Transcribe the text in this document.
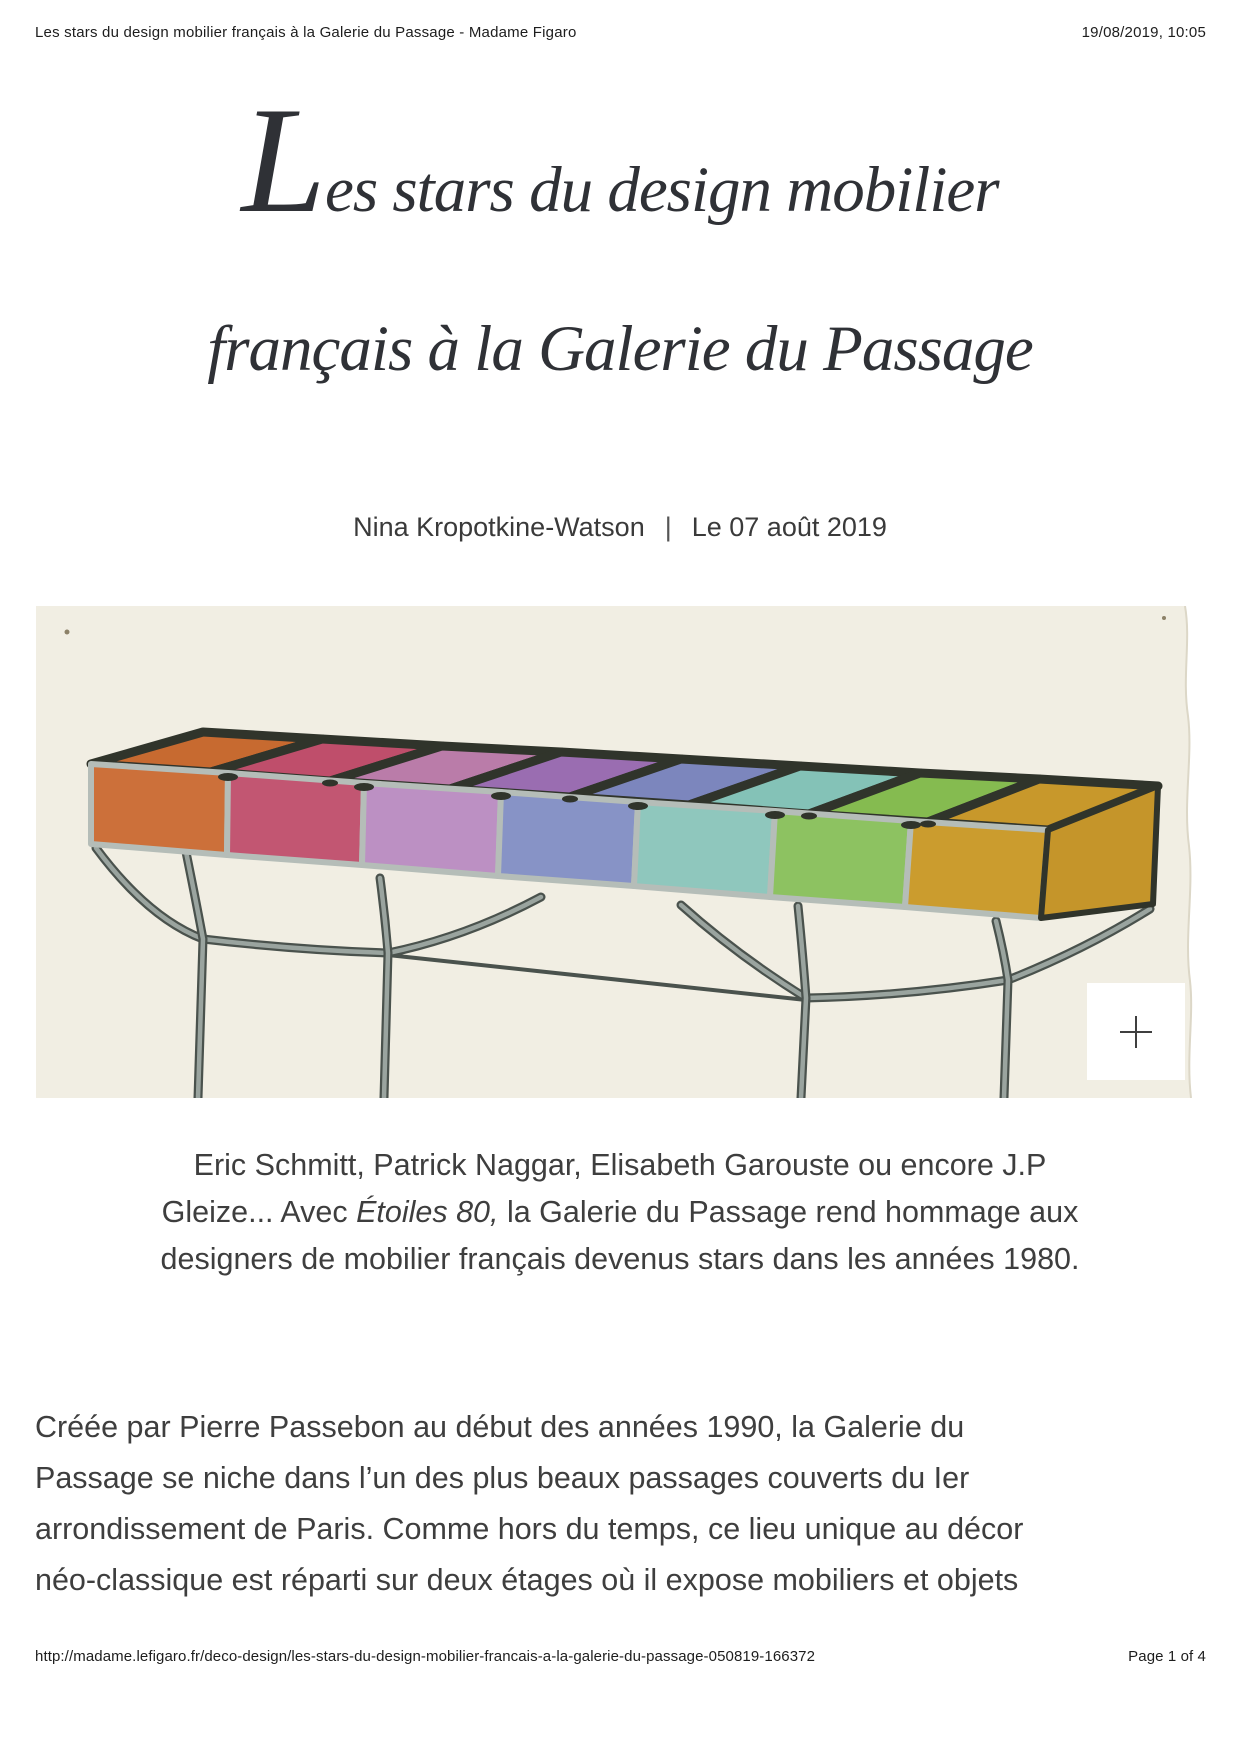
Les stars du design mobilier français à la Galerie du Passage - Madame Figaro	19/08/2019, 10:05
L es stars du design mobilier
français à la Galerie du Passage
Nina Kropotkine-Watson | Le 07 août 2019
Eric Schmitt, Patrick Naggar, Elisabeth Garouste ou encore J.P
Gleize... Avec Étoiles 80, la Galerie du Passage rend hommage aux
designers de mobilier français devenus stars dans les années 1980.
Créée par Pierre Passebon au début des années 1990, la Galerie du
Passage se niche dans l’un des plus beaux passages couverts du Ier
arrondissement de Paris. Comme hors du temps, ce lieu unique au décor
néo-classique est réparti sur deux étages où il expose mobiliers et objets
http://madame.lefigaro.fr/deco-design/les-stars-du-design-mobilier-francais-a-la-galerie-du-passage-050819-166372	Page 1 of 4
